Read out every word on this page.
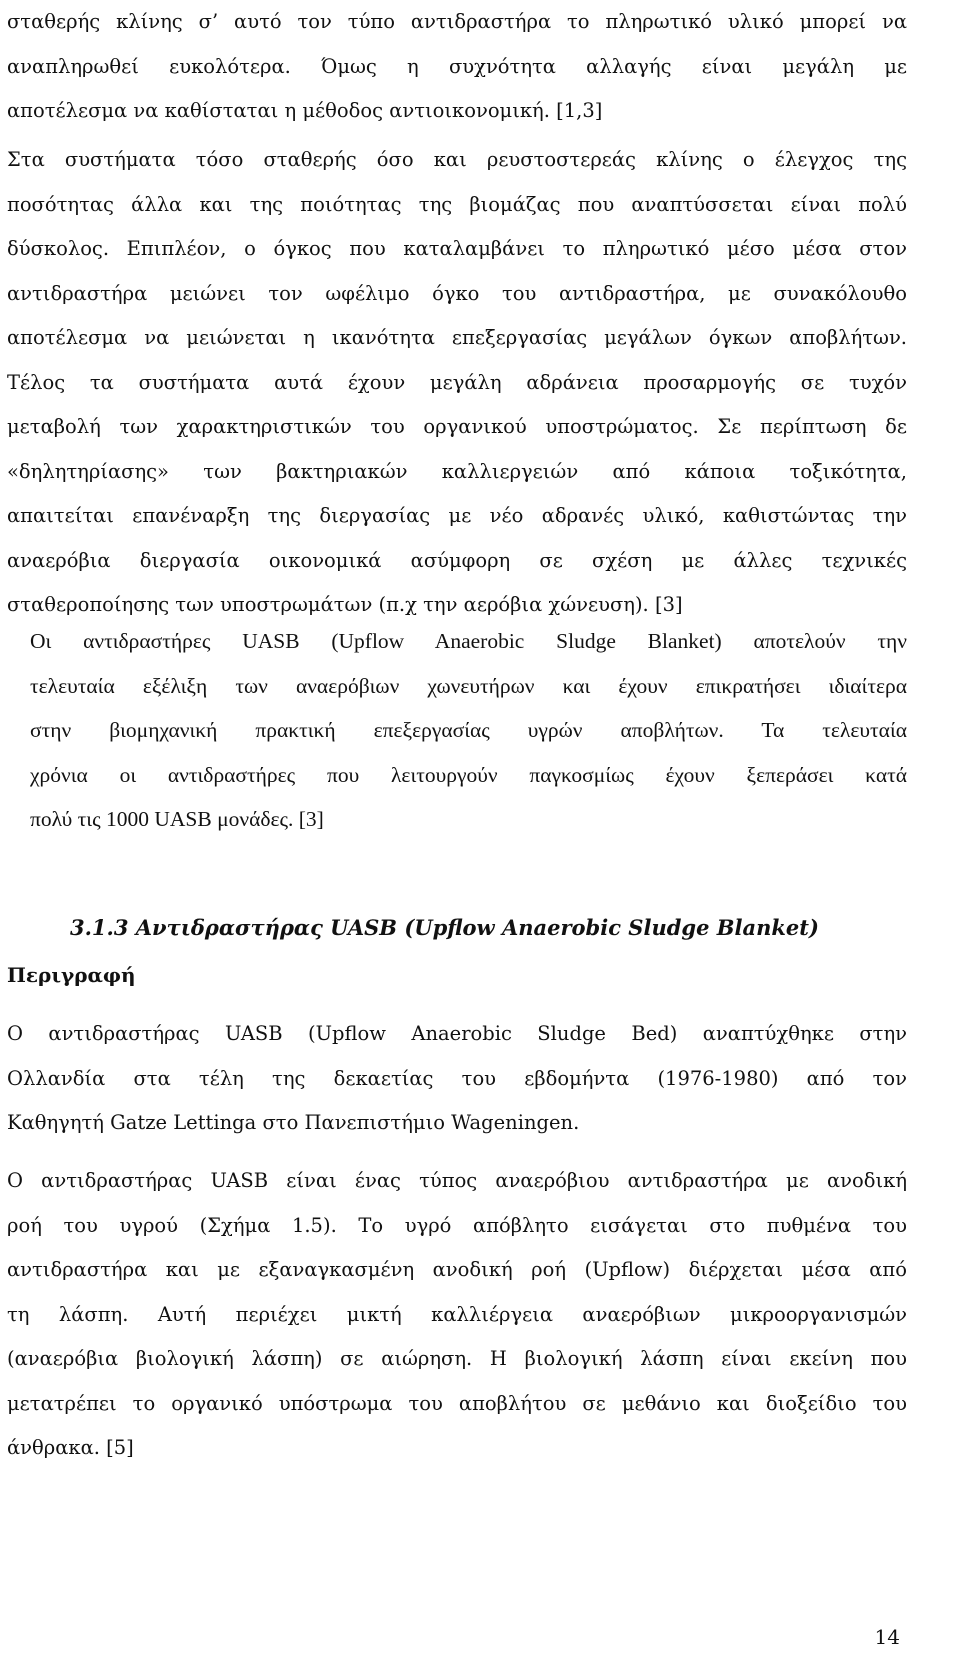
σταθερής κλίνης σ’ αυτό τον τύπο αντιδραστήρα το πληρωτικό υλικό μπορεί να
αναπληρωθεί ευκολότερα. Όμως η συχνότητα αλλαγής είναι μεγάλη με
αποτέλεσμα να καθίσταται η μέθοδος αντιοικονομική. [1,3]
Στα συστήματα τόσο σταθερής όσο και ρευστοστερεάς κλίνης ο έλεγχος της
ποσότητας άλλα και της ποιότητας της βιομάζας που αναπτύσσεται είναι πολύ
δύσκολος. Επιπλέον, ο όγκος που καταλαμβάνει το πληρωτικό μέσο μέσα στον
αντιδραστήρα μειώνει τον ωφέλιμο όγκο του αντιδραστήρα, με συνακόλουθο
αποτέλεσμα να μειώνεται η ικανότητα επεξεργασίας μεγάλων όγκων αποβλήτων.
Τέλος τα συστήματα αυτά έχουν μεγάλη αδράνεια προσαρμογής σε τυχόν
μεταβολή των χαρακτηριστικών του οργανικού υποστρώματος. Σε περίπτωση δε
«δηλητηρίασης» των βακτηριακών καλλιεργειών από κάποια τοξικότητα,
απαιτείται επανέναρξη της διεργασίας με νέο αδρανές υλικό, καθιστώντας την
αναερόβια διεργασία οικονομικά ασύμφορη σε σχέση με άλλες τεχνικές
σταθεροποίησης των υποστρωμάτων (π.χ την αερόβια χώνευση). [3]
Οι αντιδραστήρες UASB (Upflow Anaerobic Sludge Blanket) αποτελούν την
τελευταία εξέλιξη των αναερόβιων χωνευτήρων και έχουν επικρατήσει ιδιαίτερα
στην βιομηχανική πρακτική επεξεργασίας υγρών αποβλήτων. Τα τελευταία
χρόνια οι αντιδραστήρες που λειτουργούν παγκοσμίως έχουν ξεπεράσει κατά
πολύ τις 1000 UASB μονάδες. [3]
3.1.3 Αντιδραστήρας UASB (Upflow Anaerobic Sludge Blanket)
Περιγραφή
Ο αντιδραστήρας UASB (Upflow Anaerobic Sludge Bed) αναπτύχθηκε στην
Ολλανδία στα τέλη της δεκαετίας του εβδομήντα (1976-1980) από τον
Καθηγητή Gatze Lettinga στο Πανεπιστήμιο Wageningen.
Ο αντιδραστήρας UASB είναι ένας τύπος αναερόβιου αντιδραστήρα με ανοδική
ροή του υγρού (Σχήμα 1.5). Το υγρό απόβλητο εισάγεται στο πυθμένα του
αντιδραστήρα και με εξαναγκασμένη ανοδική ροή (Upflow) διέρχεται μέσα από
τη λάσπη. Αυτή περιέχει μικτή καλλιέργεια αναερόβιων μικροοργανισμών
(αναερόβια βιολογική λάσπη) σε αιώρηση. Η βιολογική λάσπη είναι εκείνη που
μετατρέπει το οργανικό υπόστρωμα του αποβλήτου σε μεθάνιο και διοξείδιο του
άνθρακα. [5]
14
